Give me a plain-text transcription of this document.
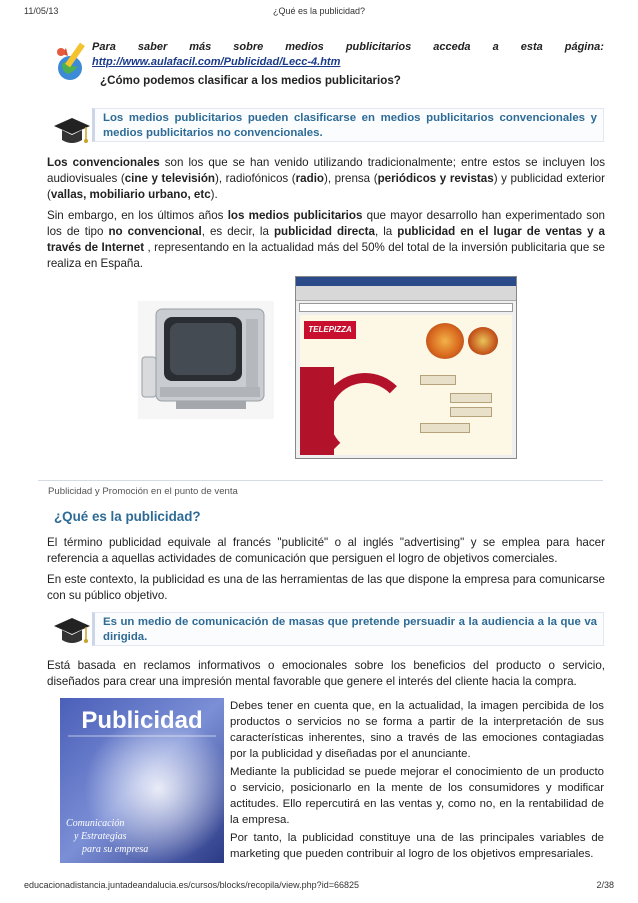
11/05/13	¿Qué es la publicidad?
Para saber más sobre medios publicitarios acceda a esta página:
http://www.aulafacil.com/Publicidad/Lecc-4.htm
¿Cómo podemos clasificar a los medios publicitarios?
Los medios publicitarios pueden clasificarse en medios publicitarios convencionales y medios publicitarios no convencionales.
Los convencionales son los que se han venido utilizando tradicionalmente; entre estos se incluyen los audiovisuales (cine y televisión), radiofónicos (radio), prensa (periódicos y revistas) y publicidad exterior (vallas, mobiliario urbano, etc).
Sin embargo, en los últimos años los medios publicitarios que mayor desarrollo han experimentado son los de tipo no convencional, es decir, la publicidad directa, la publicidad en el lugar de ventas y a través de Internet , representando en la actualidad más del 50% del total de la inversión publicitaria que se realiza en España.
TELEPIZZA
Publicidad y Promoción en el punto de venta
¿Qué es la publicidad?
El término publicidad equivale al francés "publicité" o al inglés "advertising" y se emplea para hacer referencia a aquellas actividades de comunicación que persiguen el logro de objetivos comerciales.
En este contexto, la publicidad es una de las herramientas de las que dispone la empresa para comunicarse con su público objetivo.
Es un medio de comunicación de masas que pretende persuadir a la audiencia a la que va dirigida.
Está basada en reclamos informativos o emocionales sobre los beneficios del producto o servicio, diseñados para crear una impresión mental favorable que genere el interés del cliente hacia la compra.
Publicidad
Comunicación
y Estrategias
para su empresa
Debes tener en cuenta que, en la actualidad, la imagen percibida de los productos o servicios no se forma a partir de la interpretación de sus características inherentes, sino a través de las emociones contagiadas por la publicidad y diseñadas por el anunciante.
Mediante la publicidad se puede mejorar el conocimiento de un producto o servicio, posicionarlo en la mente de los consumidores y modificar actitudes. Ello repercutirá en las ventas y, como no, en la rentabilidad de la empresa.
Por tanto, la publicidad constituye una de las principales variables de marketing que pueden contribuir al logro de los objetivos empresariales.
educacionadistancia.juntadeandalucia.es/cursos/blocks/recopila/view.php?id=66825	2/38
